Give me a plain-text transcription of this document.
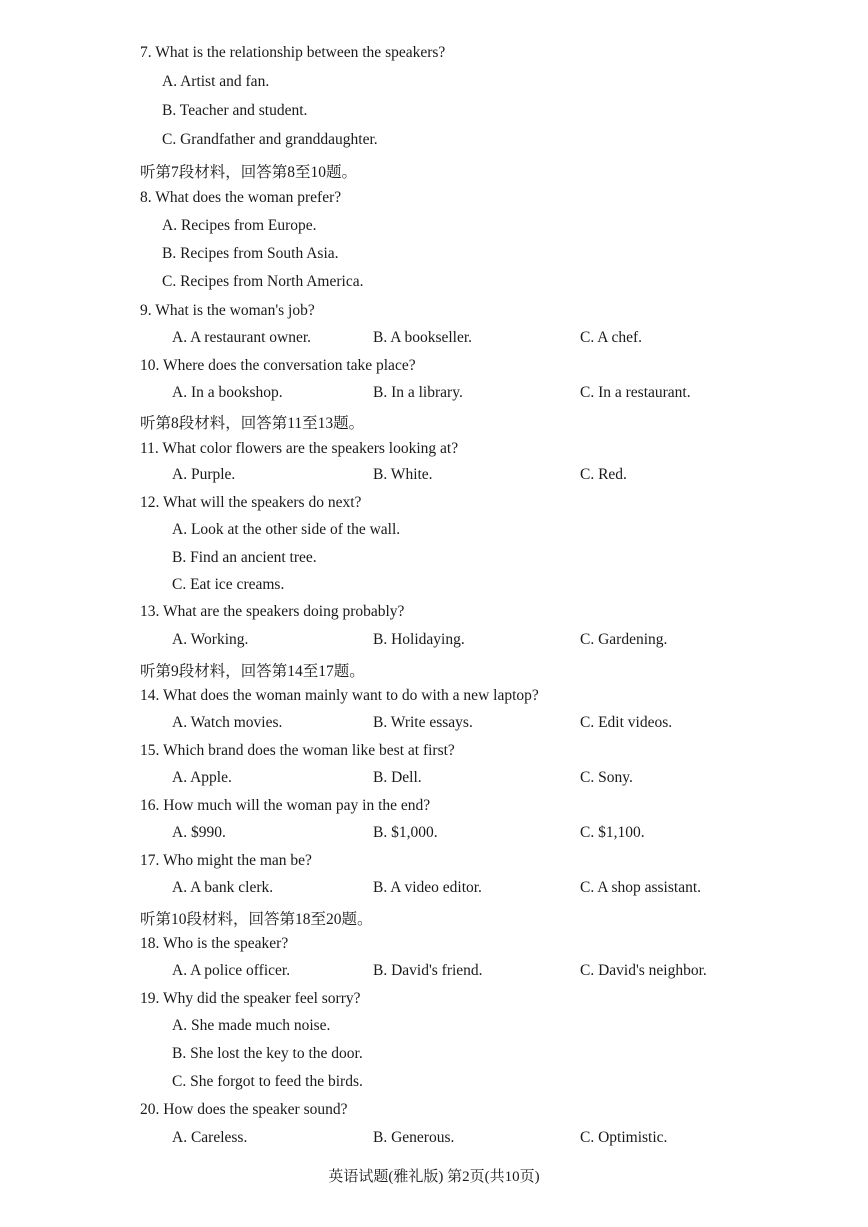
7. What is the relationship between the speakers?
A. Artist and fan.
B. Teacher and student.
C. Grandfather and granddaughter.
听第7段材料，回答第8至10题。
8. What does the woman prefer?
A. Recipes from Europe.
B. Recipes from South Asia.
C. Recipes from North America.
9. What is the woman's job?
A. A restaurant owner.	B. A bookseller.	C. A chef.
10. Where does the conversation take place?
A. In a bookshop.	B. In a library.	C. In a restaurant.
听第8段材料，回答第11至13题。
11. What color flowers are the speakers looking at?
A. Purple.	B. White.	C. Red.
12. What will the speakers do next?
A. Look at the other side of the wall.
B. Find an ancient tree.
C. Eat ice creams.
13. What are the speakers doing probably?
A. Working.	B. Holidaying.	C. Gardening.
听第9段材料，回答第14至17题。
14. What does the woman mainly want to do with a new laptop?
A. Watch movies.	B. Write essays.	C. Edit videos.
15. Which brand does the woman like best at first?
A. Apple.	B. Dell.	C. Sony.
16. How much will the woman pay in the end?
A. $990.	B. $1,000.	C. $1,100.
17. Who might the man be?
A. A bank clerk.	B. A video editor.	C. A shop assistant.
听第10段材料，回答第18至20题。
18. Who is the speaker?
A. A police officer.	B. David's friend.	C. David's neighbor.
19. Why did the speaker feel sorry?
A. She made much noise.
B. She lost the key to the door.
C. She forgot to feed the birds.
20. How does the speaker sound?
A. Careless.	B. Generous.	C. Optimistic.
英语试题(雅礼版) 第2页(共10页)
